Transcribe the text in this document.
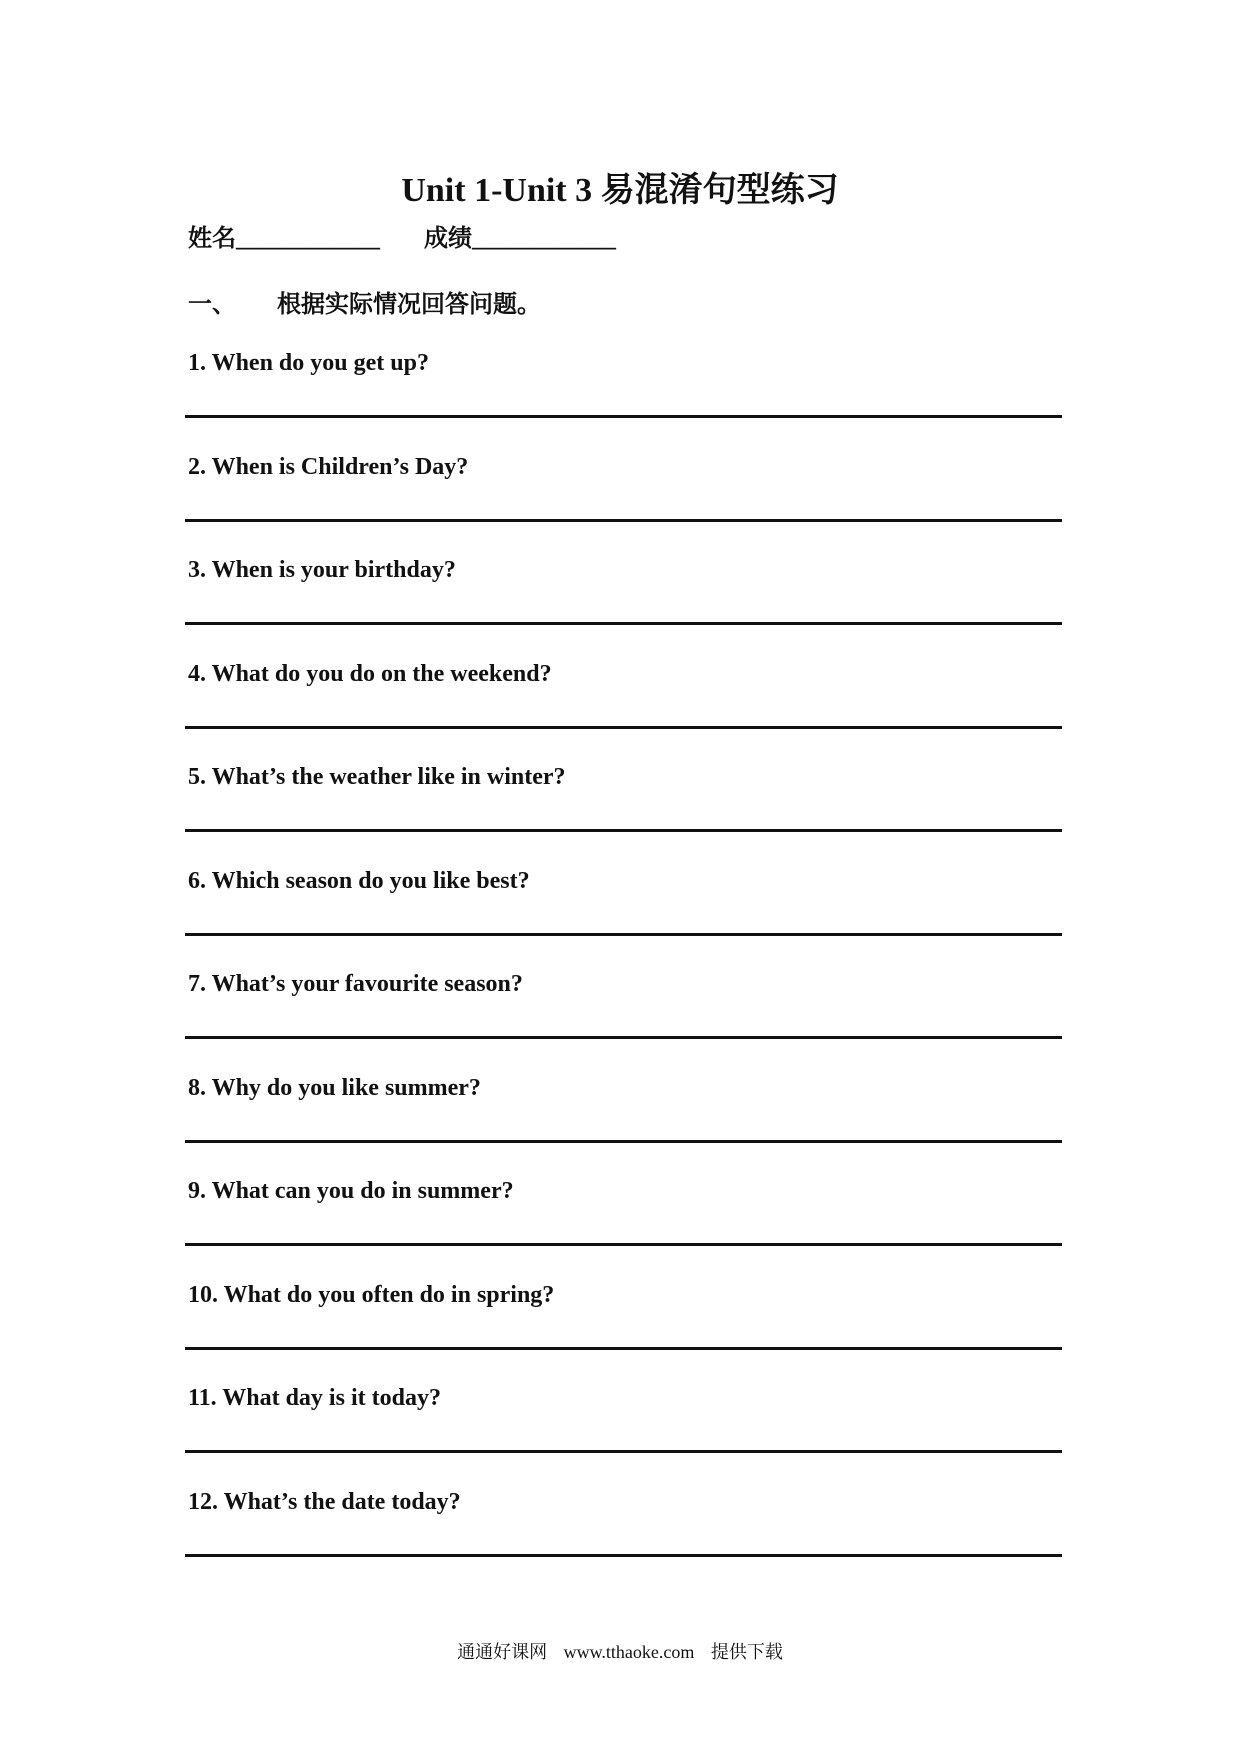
Unit 1-Unit 3 易混淆句型练习
姓名____________ 成绩____________
一、 根据实际情况回答问题。
1. When do you get up?
2. When is Children’s Day?
3. When is your birthday?
4. What do you do on the weekend?
5. What’s the weather like in winter?
6. Which season do you like best?
7. What’s your favourite season?
8. Why do you like summer?
9. What can you do in summer?
10. What do you often do in spring?
11. What day is it today?
12. What’s the date today?
通通好课网 www.tthaoke.com 提供下载
